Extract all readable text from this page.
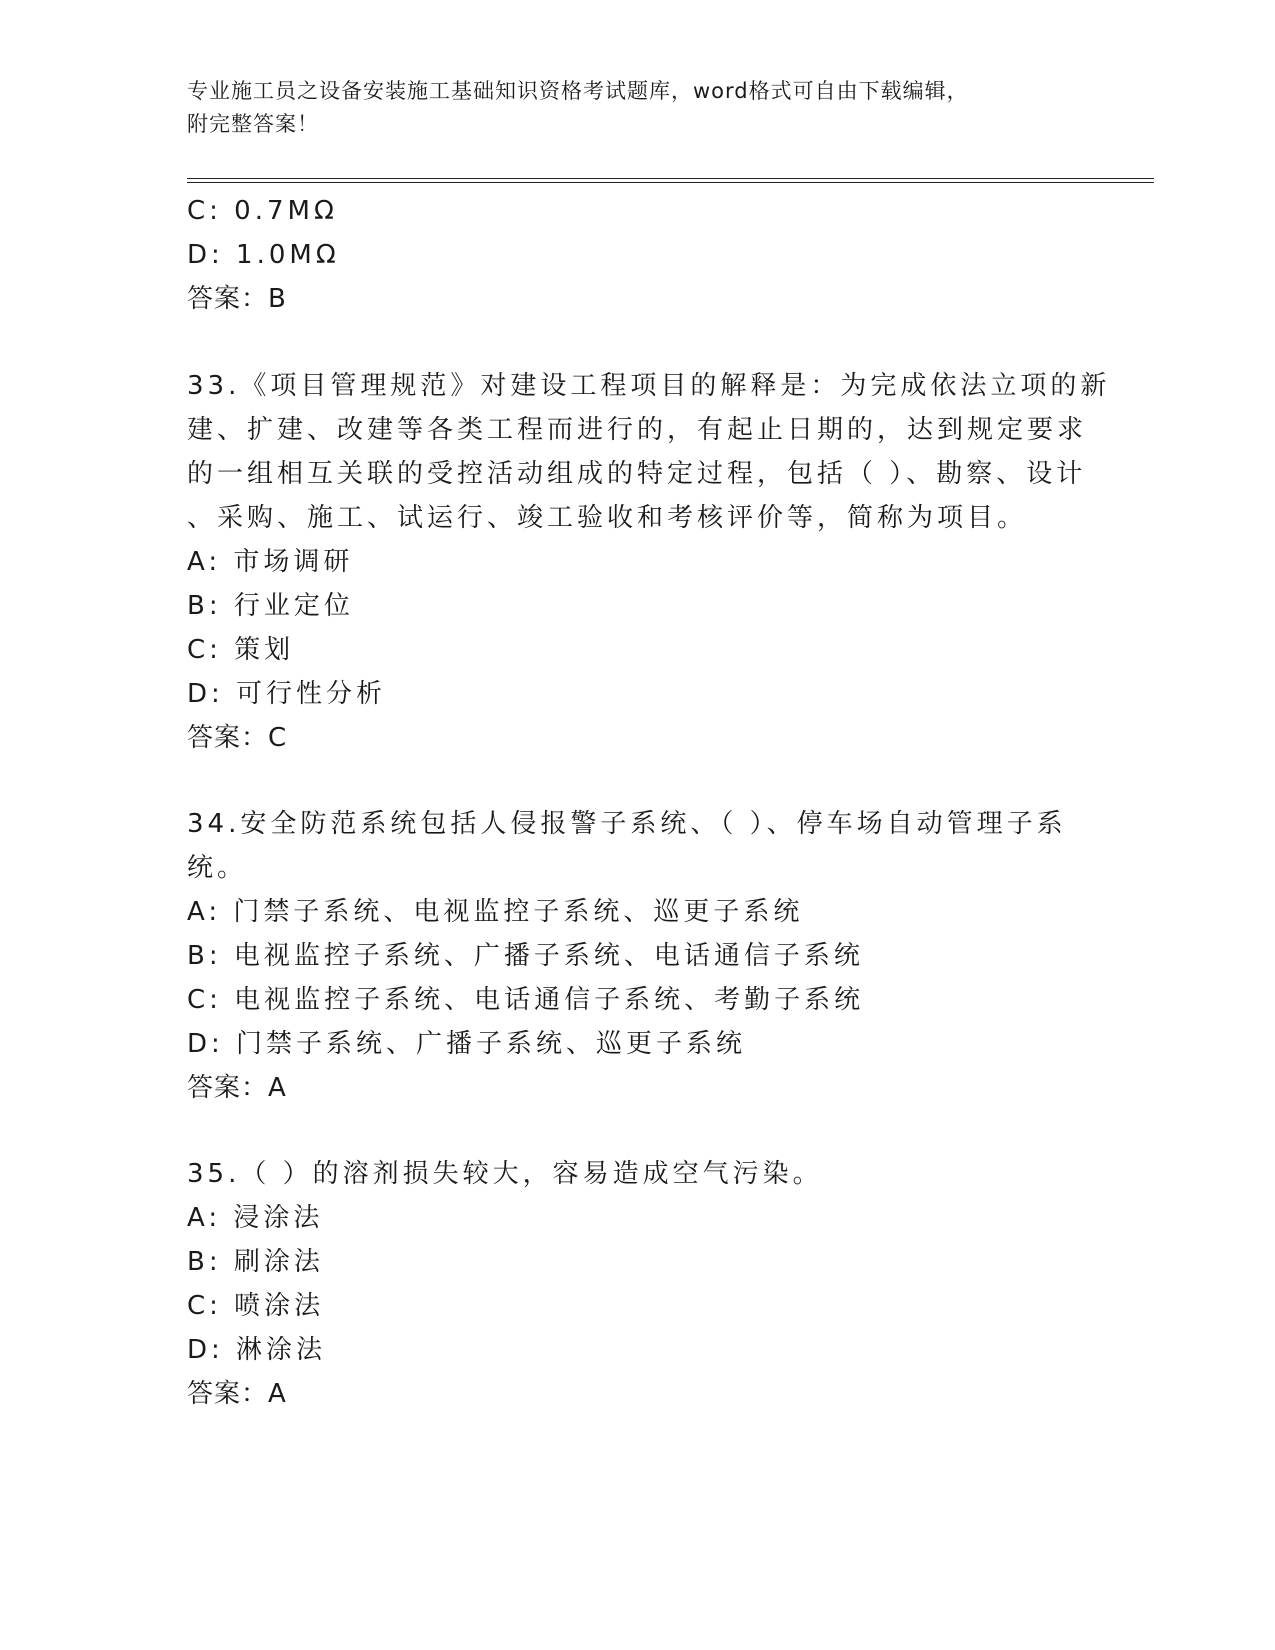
专业施工员之设备安装施工基础知识资格考试题库，word格式可自由下载编辑，
附完整答案！
C: 0.7MΩ
D: 1.0MΩ
答案：B
33.《项目管理规范》对建设工程项目的解释是：为完成依法立项的新
建、扩建、改建等各类工程而进行的，有起止日期的，达到规定要求
的一组相互关联的受控活动组成的特定过程，包括（ ）、勘察、设计
、采购、施工、试运行、竣工验收和考核评价等，简称为项目。
A: 市场调研
B: 行业定位
C: 策划
D: 可行性分析
答案：C
34.安全防范系统包括人侵报警子系统、（ ）、停车场自动管理子系
统。
A: 门禁子系统、电视监控子系统、巡更子系统
B: 电视监控子系统、广播子系统、电话通信子系统
C: 电视监控子系统、电话通信子系统、考勤子系统
D: 门禁子系统、广播子系统、巡更子系统
答案：A
35.（ ）的溶剂损失较大，容易造成空气污染。
A: 浸涂法
B: 刷涂法
C: 喷涂法
D: 淋涂法
答案：A
